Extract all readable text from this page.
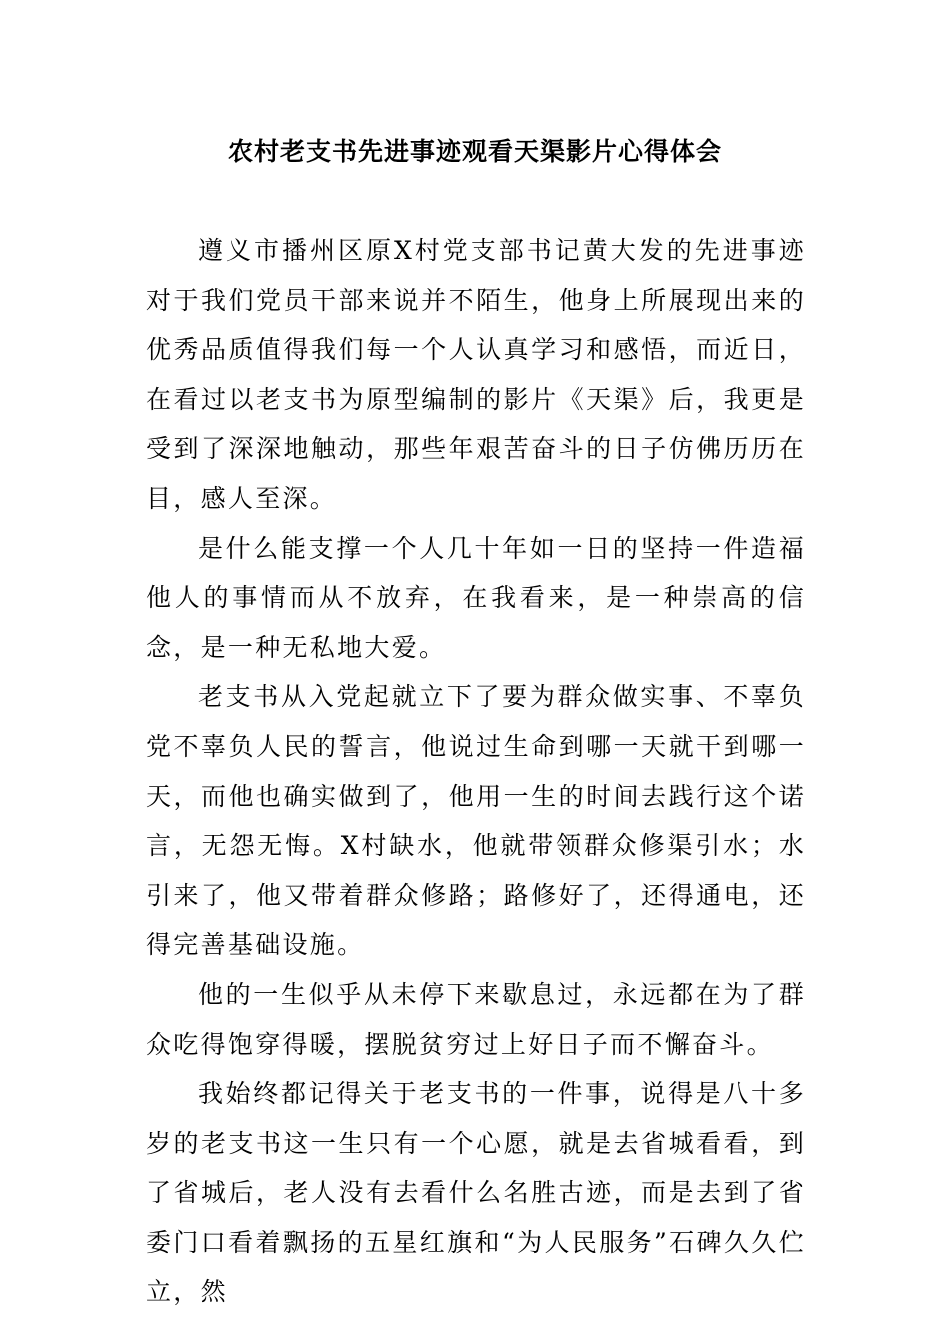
农村老支书先进事迹观看天渠影片心得体会

遵义市播州区原X村党支部书记黄大发的先进事迹对于我们党员干部来说并不陌生，他身上所展现出来的优秀品质值得我们每一个人认真学习和感悟，而近日，在看过以老支书为原型编制的影片《天渠》后，我更是受到了深深地触动，那些年艰苦奋斗的日子仿佛历历在目，感人至深。

是什么能支撑一个人几十年如一日的坚持一件造福他人的事情而从不放弃，在我看来，是一种崇高的信念，是一种无私地大爱。

老支书从入党起就立下了要为群众做实事、不辜负党不辜负人民的誓言，他说过生命到哪一天就干到哪一天，而他也确实做到了，他用一生的时间去践行这个诺言，无怨无悔。X村缺水，他就带领群众修渠引水；水引来了，他又带着群众修路；路修好了，还得通电，还得完善基础设施。

他的一生似乎从未停下来歇息过，永远都在为了群众吃得饱穿得暖，摆脱贫穷过上好日子而不懈奋斗。

我始终都记得关于老支书的一件事，说得是八十多岁的老支书这一生只有一个心愿，就是去省城看看，到了省城后，老人没有去看什么名胜古迹，而是去到了省委门口看着飘扬的五星红旗和“为人民服务”石碑久久伫立，然
